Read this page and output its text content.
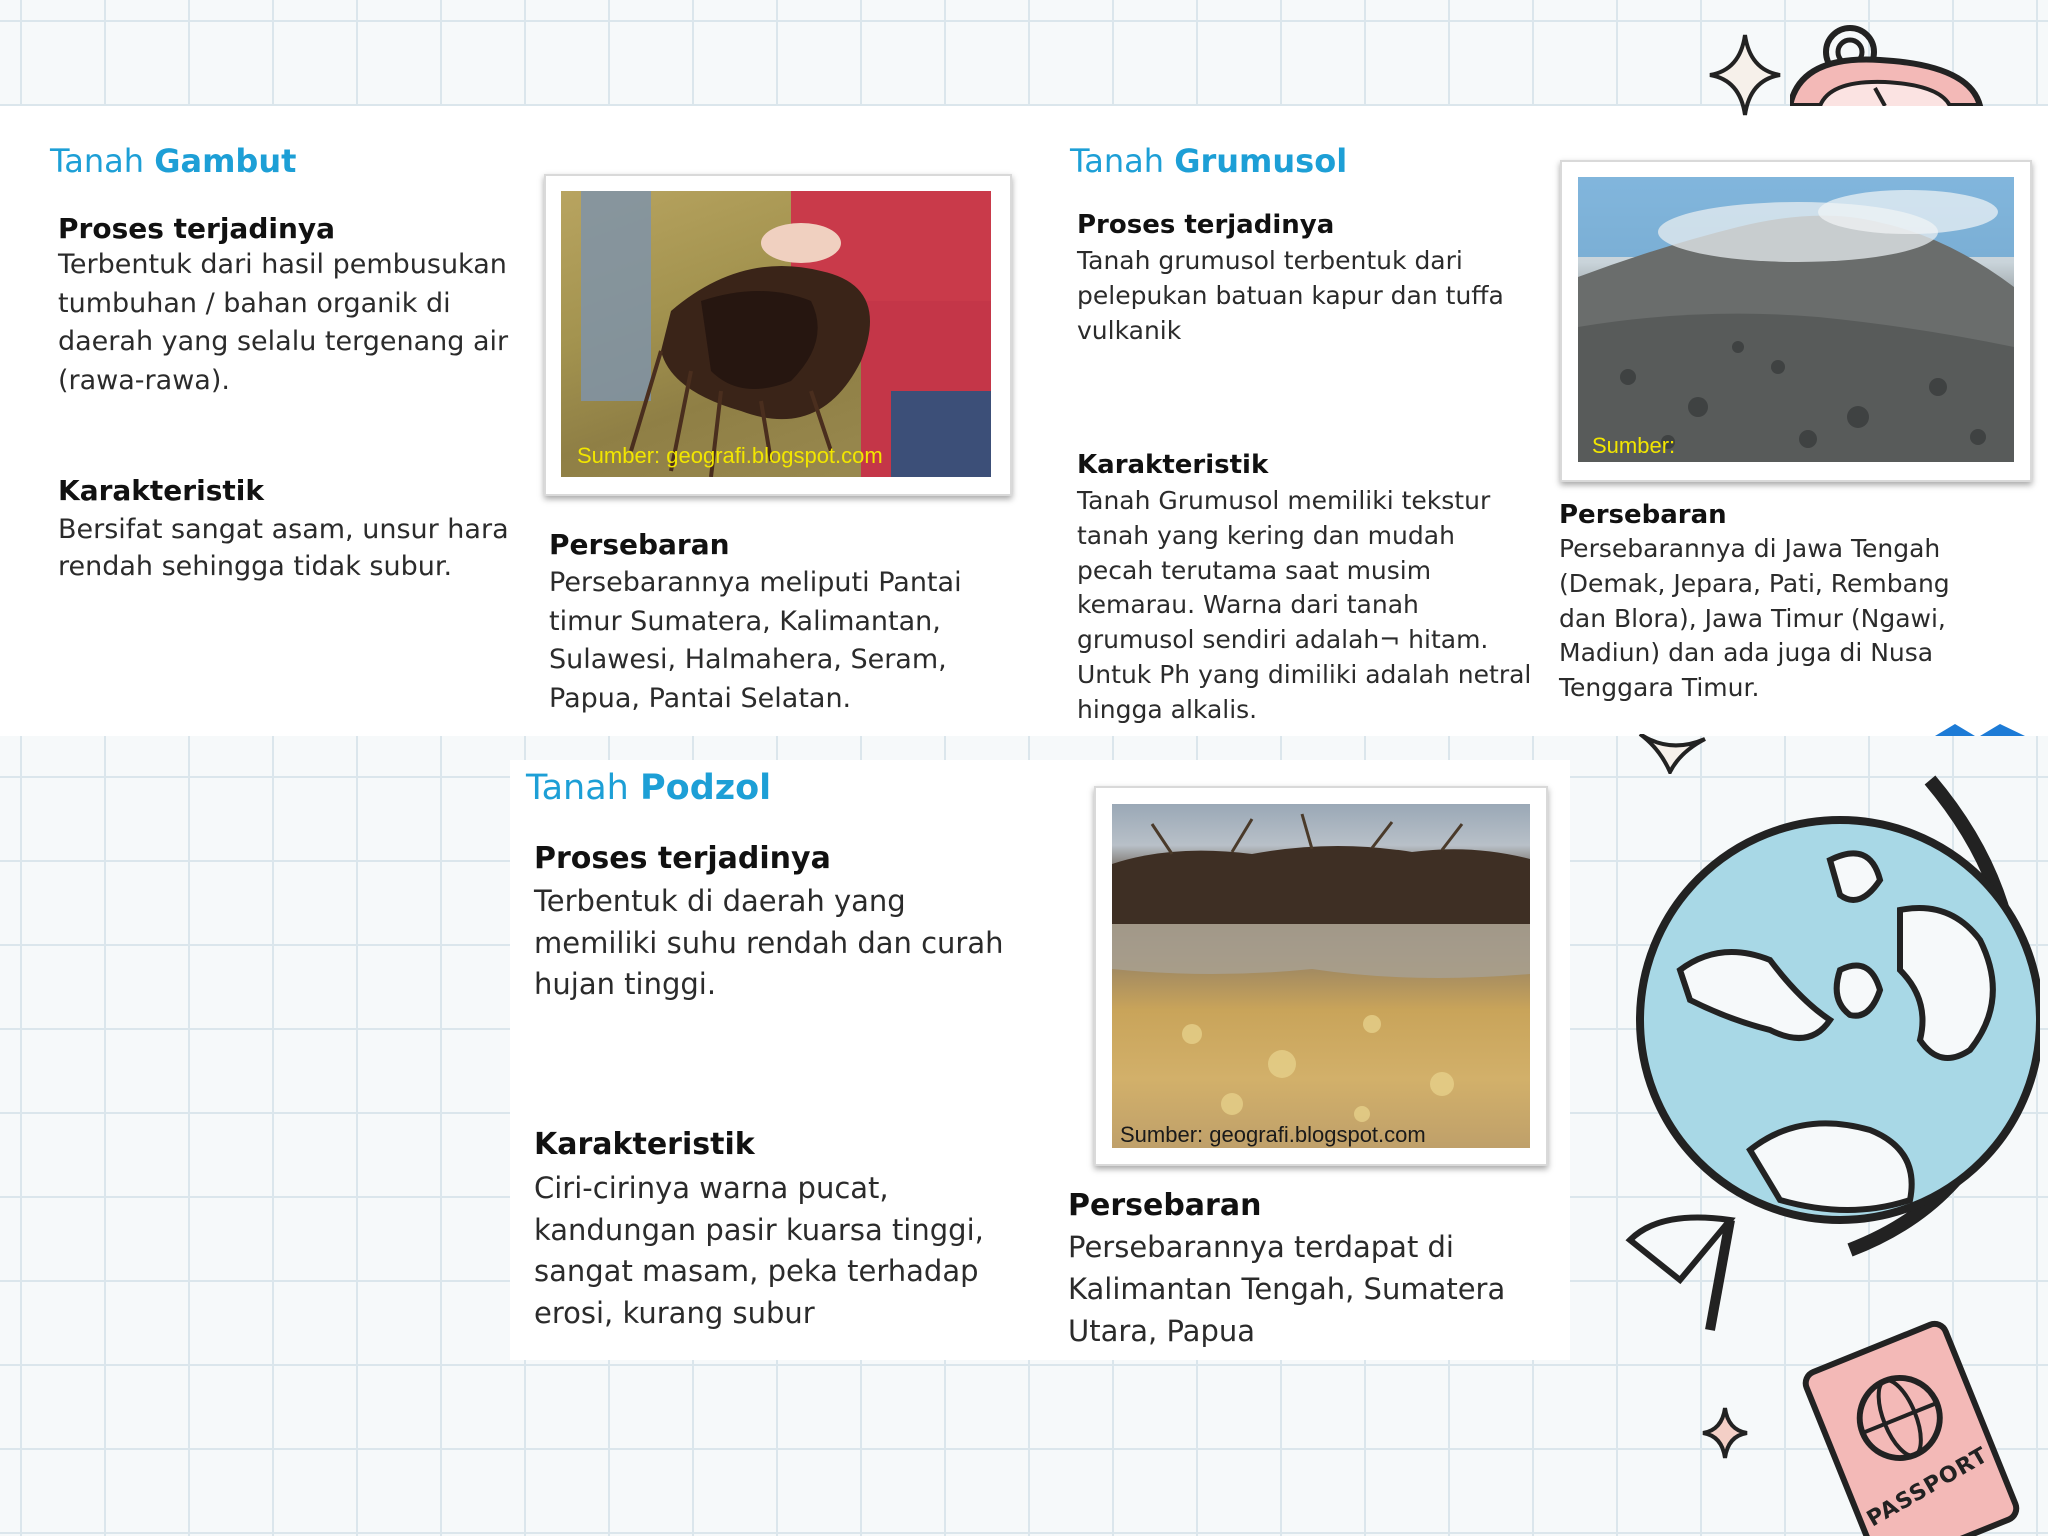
Tanah Gambut
Proses terjadinya

Terbentuk dari hasil pembusukan tumbuhan / bahan organik di daerah yang selalu tergenang air (rawa-rawa).

Karakteristik

Bersifat sangat asam, unsur hara rendah sehingga tidak subur.

Sumber: geografi.blogspot.com
Persebaran

Persebarannya meliputi Pantai timur Sumatera, Kalimantan, Sulawesi, Halmahera, Seram, Papua, Pantai Selatan.

Tanah Grumusol
Proses terjadinya

Tanah grumusol terbentuk dari pelepukan batuan kapur dan tuffa vulkanik

Karakteristik

Tanah Grumusol memiliki tekstur tanah yang kering dan mudah pecah terutama saat musim kemarau. Warna dari tanah grumusol sendiri adalah¬ hitam. Untuk Ph yang dimiliki adalah netral hingga alkalis.

Sumber:
Persebaran

Persebarannya di Jawa Tengah (Demak, Jepara, Pati, Rembang dan Blora), Jawa Timur (Ngawi, Madiun) dan ada juga di Nusa Tenggara Timur.

Tanah Podzol
Proses terjadinya

Terbentuk di daerah yang memiliki suhu rendah dan curah hujan tinggi.

Karakteristik

Ciri-cirinya warna pucat, kandungan pasir kuarsa tinggi, sangat masam, peka terhadap erosi, kurang subur

Sumber: geografi.blogspot.com
Persebaran

Persebarannya terdapat di Kalimantan Tengah, Sumatera Utara, Papua

PASSPORT
